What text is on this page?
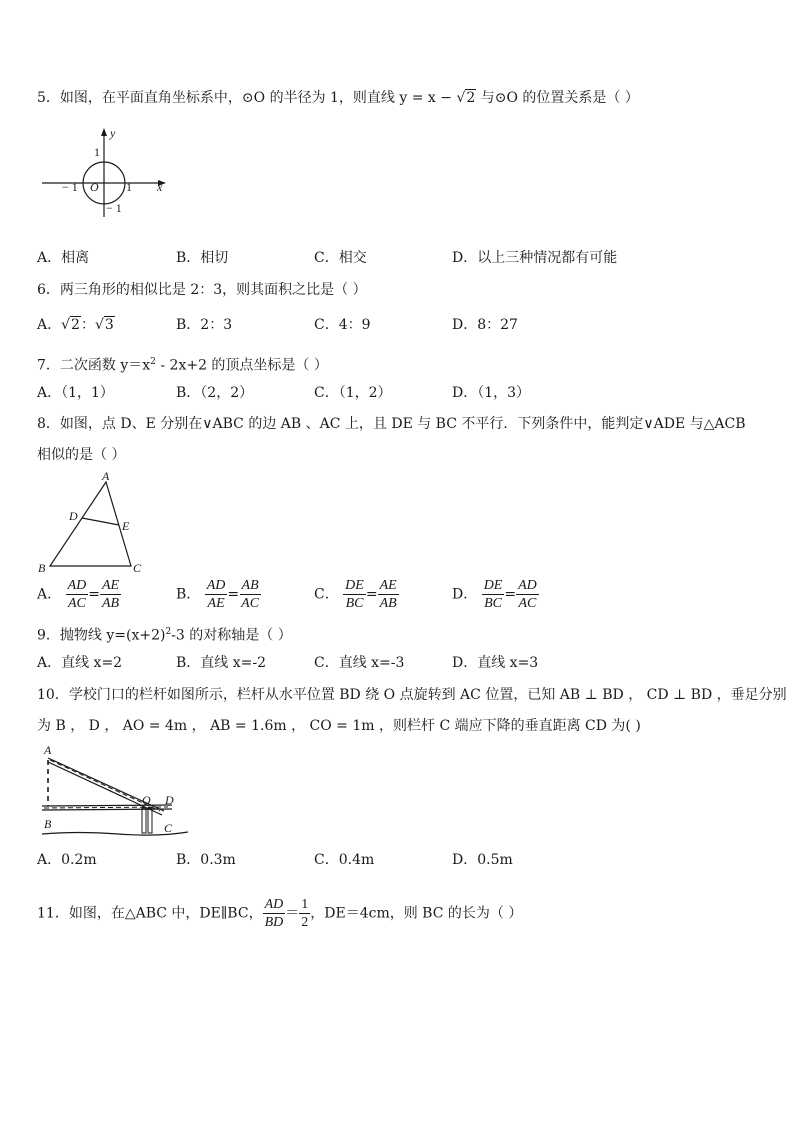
5．如图，在平面直角坐标系中，⊙O 的半径为 1，则直线 y = x − √2 与⊙O 的位置关系是（ ）
y
x
1
− 1 O 1
− 1
A．相离	B．相切	C．相交	D．以上三种情况都有可能
6．两三角形的相似比是 2：3，则其面积之比是（ ）
A．√2：√3	B．2：3	C．4：9	D．8：27
7．二次函数 $y=x^2 - 2x+2$ 的顶点坐标是（ ）
A．（1，1）	B．（2，2）	C．（1，2）	D．（1，3）
8．如图，点 D、E 分别在∨ABC 的边 AB 、AC 上，且 DE 与 BC 不平行．下列条件中，能判定∨ADE 与△ACB
相似的是（ ）
A
D
E
B	C
A． $\frac{AD}{AC} = \frac{AE}{AB}$	B． $\frac{AD}{AE} = \frac{AB}{AC}$	C． $\frac{DE}{BC} = \frac{AE}{AB}$	D． $\frac{DE}{BC} = \frac{AD}{AC}$
9．抛物线 $y=(x+2)^2-3$ 的对称轴是（ ）
A．直线 x=2	B．直线 x=-2	C．直线 x=-3	D．直线 x=3
10．学校门口的栏杆如图所示，栏杆从水平位置 BD 绕 O 点旋转到 AC 位置，已知 AB ⊥ BD ， CD ⊥ BD ，垂足分别
为 B ， D ， AO = 4m ， AB = 1.6m ， CO = 1m ，则栏杆 C 端应下降的垂直距离 CD 为( )
A
B
O D
C
A．0.2m	B．0.3m	C．0.4m	D．0.5m
11．如图，在△ABC 中，DE∥BC， $\frac{AD}{BD} = \frac{1}{2}$ ，DE＝4cm，则 BC 的长为（ ）
